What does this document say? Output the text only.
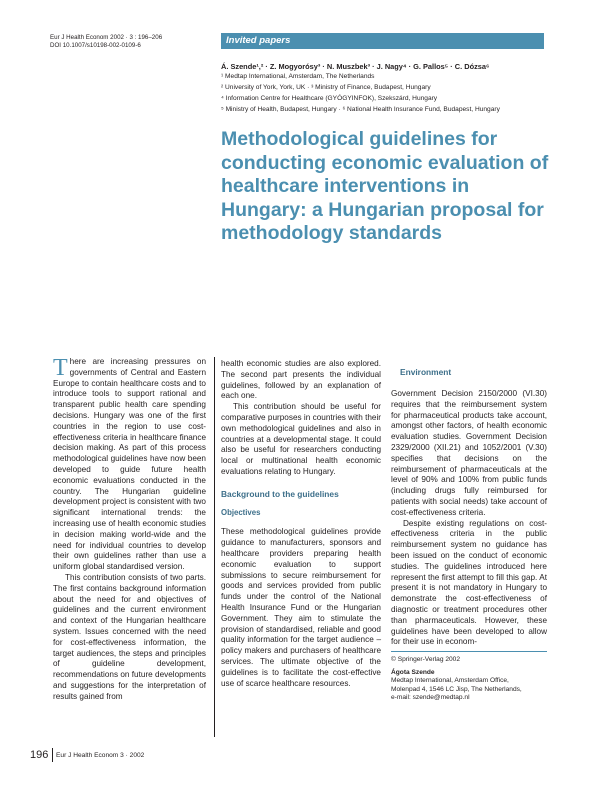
Eur J Health Econom 2002 · 3 : 196–206
DOI 10.1007/s10198-002-0109-6	Invited papers
Á. Szende¹,² · Z. Mogyorósy³ · N. Muszbek³ · J. Nagy⁴ · G. Pallos⁵ · C. Dózsa⁶
¹ Medtap International, Amsterdam, The Netherlands
² University of York, York, UK · ³ Ministry of Finance, Budapest, Hungary
⁴ Information Centre for Healthcare (GYÓGYINFOK), Szekszárd, Hungary
⁵ Ministry of Health, Budapest, Hungary · ⁶ National Health Insurance Fund, Budapest, Hungary
Methodological guidelines for conducting economic evaluation of healthcare interventions in Hungary: a Hungarian proposal for methodology standards

There are increasing pressures on governments of Central and Eastern Europe to contain healthcare costs and to introduce tools to support rational and transparent public health care spending decisions. Hungary was one of the first countries in the region to use cost-effectiveness criteria in healthcare finance decision making. As part of this process methodological guidelines have now been developed to guide future health economic evaluations conducted in the country. The Hungarian guideline development project is consistent with two significant international trends: the increasing use of health economic studies in decision making world-wide and the need for individual countries to develop their own guidelines rather than use a uniform global standardised version.

This contribution consists of two parts. The first contains background information about the need for and objectives of guidelines and the current environment and context of the Hungarian healthcare system. Issues concerned with the need for cost-effectiveness information, the target audiences, the steps and principles of guideline development, recommendations on future developments and suggestions for the interpretation of results gained from

health economic studies are also explored. The second part presents the individual guidelines, followed by an explanation of each one.

This contribution should be useful for comparative purposes in countries with their own methodological guidelines and also in countries at a developmental stage. It could also be useful for researchers conducting local or multinational health economic evaluations relating to Hungary.

Background to the guidelines
Objectives

These methodological guidelines provide guidance to manufacturers, sponsors and healthcare providers preparing health economic evaluation to support submissions to secure reimbursement for goods and services provided from public funds under the control of the National Health Insurance Fund or the Hungarian Government. They aim to stimulate the provision of standardised, reliable and good quality information for the target audience – policy makers and purchasers of healthcare services. The ultimate objective of the guidelines is to facilitate the cost-effective use of scarce healthcare resources.

Environment

Government Decision 2150/2000 (VI.30) requires that the reimbursement system for pharmaceutical products take account, amongst other factors, of health economic evaluation studies. Government Decision 2329/2000 (XII.21) and 1052/2001 (V.30) specifies that decisions on the reimbursement of pharmaceuticals at the level of 90% and 100% from public funds (including drugs fully reimbursed for patients with social needs) take account of cost-effectiveness criteria.

Despite existing regulations on cost-effectiveness criteria in the public reimbursement system no guidance has been issued on the conduct of economic studies. The guidelines introduced here represent the first attempt to fill this gap. At present it is not mandatory in Hungary to demonstrate the cost-effectiveness of diagnostic or treatment procedures other than pharmaceuticals. However, these guidelines have been developed to allow for their use in econom-

© Springer-Verlag 2002
Ágota Szende
Medtap International, Amsterdam Office,
Molenpad 4, 1546 LC Jisp, The Netherlands,
e-mail: szende@medtap.nl
196 Eur J Health Econom 3 · 2002
